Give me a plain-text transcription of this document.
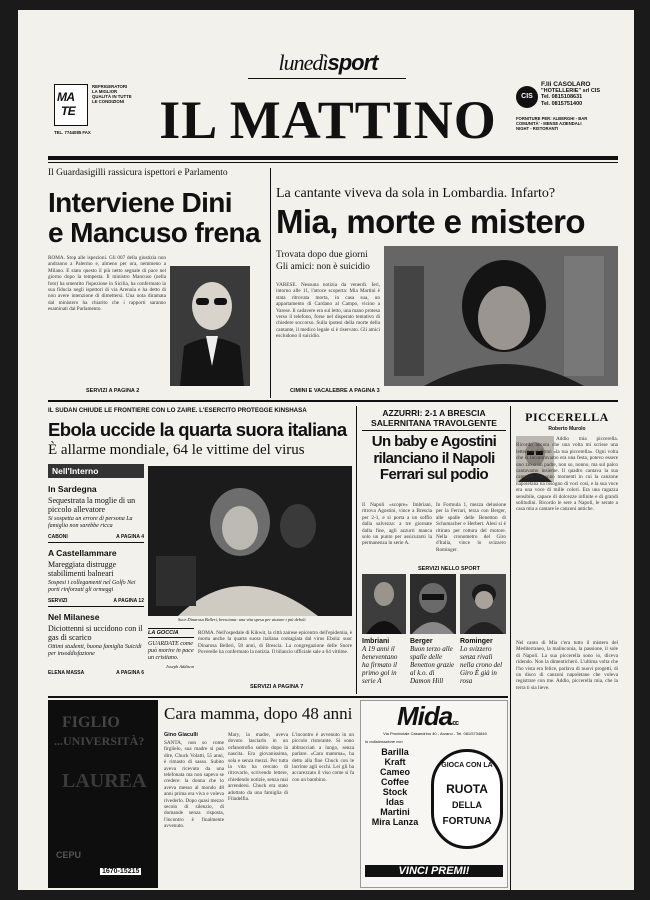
lunedìsport
MA
TE
REFRIGERATORI
LA MIGLIOR
QUALITÀ IN TUTTE
LE CONDIZIONI
TEL. 7744085 FAX	IL MATTINO	CIS
F.lli CASOLARO
"HOTELLERIE" srl CIS
Tel. 0815108631
Tel. 0815751400
FORNITURE PER: ALBERGHI - BAR
COMUNITÀ' - MENSE AZIENDALI
NIGHT - RISTORANTI
Il Guardasigilli rassicura ispettori e Parlamento
Interviene Dini
e Mancuso frena
ROMA. Stop alle ispezioni. Gli 007 della giustizia non andranno a Palermo e, almeno per ora, nemmeno a Milano. E stato questo il più netto segnale di pace nel giorno dopo la tempesta. Il ministro Mancuso (nella foto) ha smentito l'ispezione in Sicilia, ha confermato la sua fiducia negli ispettori di via Arenula e ha detto di non avere intenzione di dimettersi. Una nota diramata dal ministero ha chiarito che i rapporti saranno esaminati dal Parlamento.
SERVIZI A PAGINA 2
La cantante viveva da sola in Lombardia. Infarto?
Mia, morte e mistero
Trovata dopo due giorni
Gli amici: non è suicidio
VARESE. Nessuna notizia da venerdì. Ieri, intorno alle 11, l'atroce scoperta: Mia Martini è stata ritrovata morta, in casa sua, un appartamento di Cardano al Campo, vicino a Varese. Il cadavere era sul letto, una mano protesa verso il telefono, forse nel disperato tentativo di chiedere soccorso. Sulla ipotesi della morte della cantante, il medico legale si è riservato. Gli amici escludono il suicidio.
CIMINI E VACALEBRE A PAGINA 3
IL SUDAN CHIUDE LE FRONTIERE CON LO ZAIRE. L'ESERCITO PROTEGGE KINSHASA
Ebola uccide la quarta suora italiana
È allarme mondiale, 64 le vittime del virus
Suor Dinarosa Belleri, bresciana: una vita spesa per aiutare i più deboli
Nell'Interno
In Sardegna
Sequestrata la moglie di un piccolo allevatore
Si sospetta un errore di persona La famiglia non sarebbe ricca
CABONI	A PAGINA 4
A Castellammare
Mareggiata distrugge stabilimenti balneari
Sospesi i collegamenti nel Golfo Nei porti rinforzati gli ormeggi
SERVIZI	A PAGINA 12
Nel Milanese
Diciottenni si uccidono con il gas di scarico
Ottimi studenti, buona famiglia Suicidi per insoddisfazione
ELENA MASSA	A PAGINA 6
LA GOCCIA
GUARDATE come può morire in pace un cristiano.
Joseph Addison
ROMA. Nell'ospedale di Kikwit, la città zairese epicentro dell'epidemia, è morta anche la quarta suora italiana contagiata dal virus Ebola: suor Dinarosa Belleri, 58 anni, di Brescia. La congregazione delle Suore Poverelle ha confermato la notizia. Il bilancio ufficiale sale a 64 vittime.
SERVIZI A PAGINA 7
AZZURRI: 2-1 A BRESCIA
SALERNITANA TRAVOLGENTE
Un baby e Agostini rilanciano il Napoli Ferrari sul podio
Il Napoli «scopre» Imbriani, ritrova Agostini, vince a Brescia per 2-1, e si porta a un soffio dalla salvezza: a tre giornate dalla fine, agli azzurri manca solo un punto per assicurarsi la permanenza in serie A.
In Formula 1, mezza delusione per la Ferrari, terza con Berger, alle spalle delle Benetton di Schumacher e Herbert. Alesi si è ritirato per rottura del motore. Nella cronometro del Giro d'Italia, vince lo svizzero Rominger.
SERVIZI NELLO SPORT
Imbriani
A 19 anni il beneventano ha firmato il primo gol in serie A
Berger
Buon terzo alle spalle delle Benetton grazie al k.o. di Damon Hill
Rominger
Lo svizzero senza rivali nella crono del Giro È già in rosa
PICCERELLA
Roberto Murolo
Addio mia piccerella. Ricordo ancora che una volta mi scrisse una lettera e si firmò «la tua piccerella». Ogni volta che ci incontravamo era una festa, potevo essere uno zio o un padre, non so, nonno, ma sul palco cantavamo insieme. Il quadro cantava la sua cantante, Ci sono momenti in cui la canzone napoletana ha bisogno di voci così, e la sua voce era una voce di mille colori. Era una ragazza sensibile, capace di dolcezze infinite e di grandi solitudini. Ricordo le sere a Napoli, le serate a casa mia a cantare le canzoni antiche.
Nel canto di Mia c'era tutto il mistero del Mediterraneo, la malinconia, la passione, il sole di Napoli. La sua piccerella sono io, diceva ridendo. Non la dimenticherò. L'ultima volta che l'ho vista era felice, parlava di nuovi progetti, di un disco di canzoni napoletane che voleva registrare con me. Addio, piccerella mia, che la terra ti sia lieve.
FIGLIO
...UNIVERSITÀ?
LAUREA
CEPU
1670-15215
Cara mamma, dopo 48 anni
Gino Giaculli
SANTA, non so come firglielo, sua madre si può dire, Chuck Volatti, 55 anni, è rimasto di sasso. Subito aveva ricevuto da una telefonata ma non sapeva se credere: la donna che lo aveva messo al mondo 48 anni prima era viva e voleva rivederlo. Dopo quasi mezzo secolo di silenzio, di domande senza risposta, l'incontro è finalmente avvenuto.
Mary, la madre, aveva dovuto lasciarlo in un orfanotrofio subito dopo la nascita. Era giovanissima, sola e senza mezzi. Per tutta la vita ha cercato di ritrovarlo, scrivendo lettere, chiedendo notizie, senza mai arrendersi. Chuck era stato adottato da una famiglia di Filadelfia.
L'incontro è avvenuto in un piccolo ristorante. Si sono abbracciati a lungo, senza parlare. «Cara mamma», ha detto alla fine Chuck con le lacrime agli occhi. Lei gli ha accarezzato il viso come si fa con un bambino.
Midacc
Via Provinciale Casandrino 40 - Arzano - Tel. 081/5734840
in collaborazione con
Barilla
Kraft
Cameo
Coffee
Stock
Idas
Martini
Mira Lanza
GIOCA CON LA
RUOTA
DELLA
FORTUNA
VINCI PREMI!
